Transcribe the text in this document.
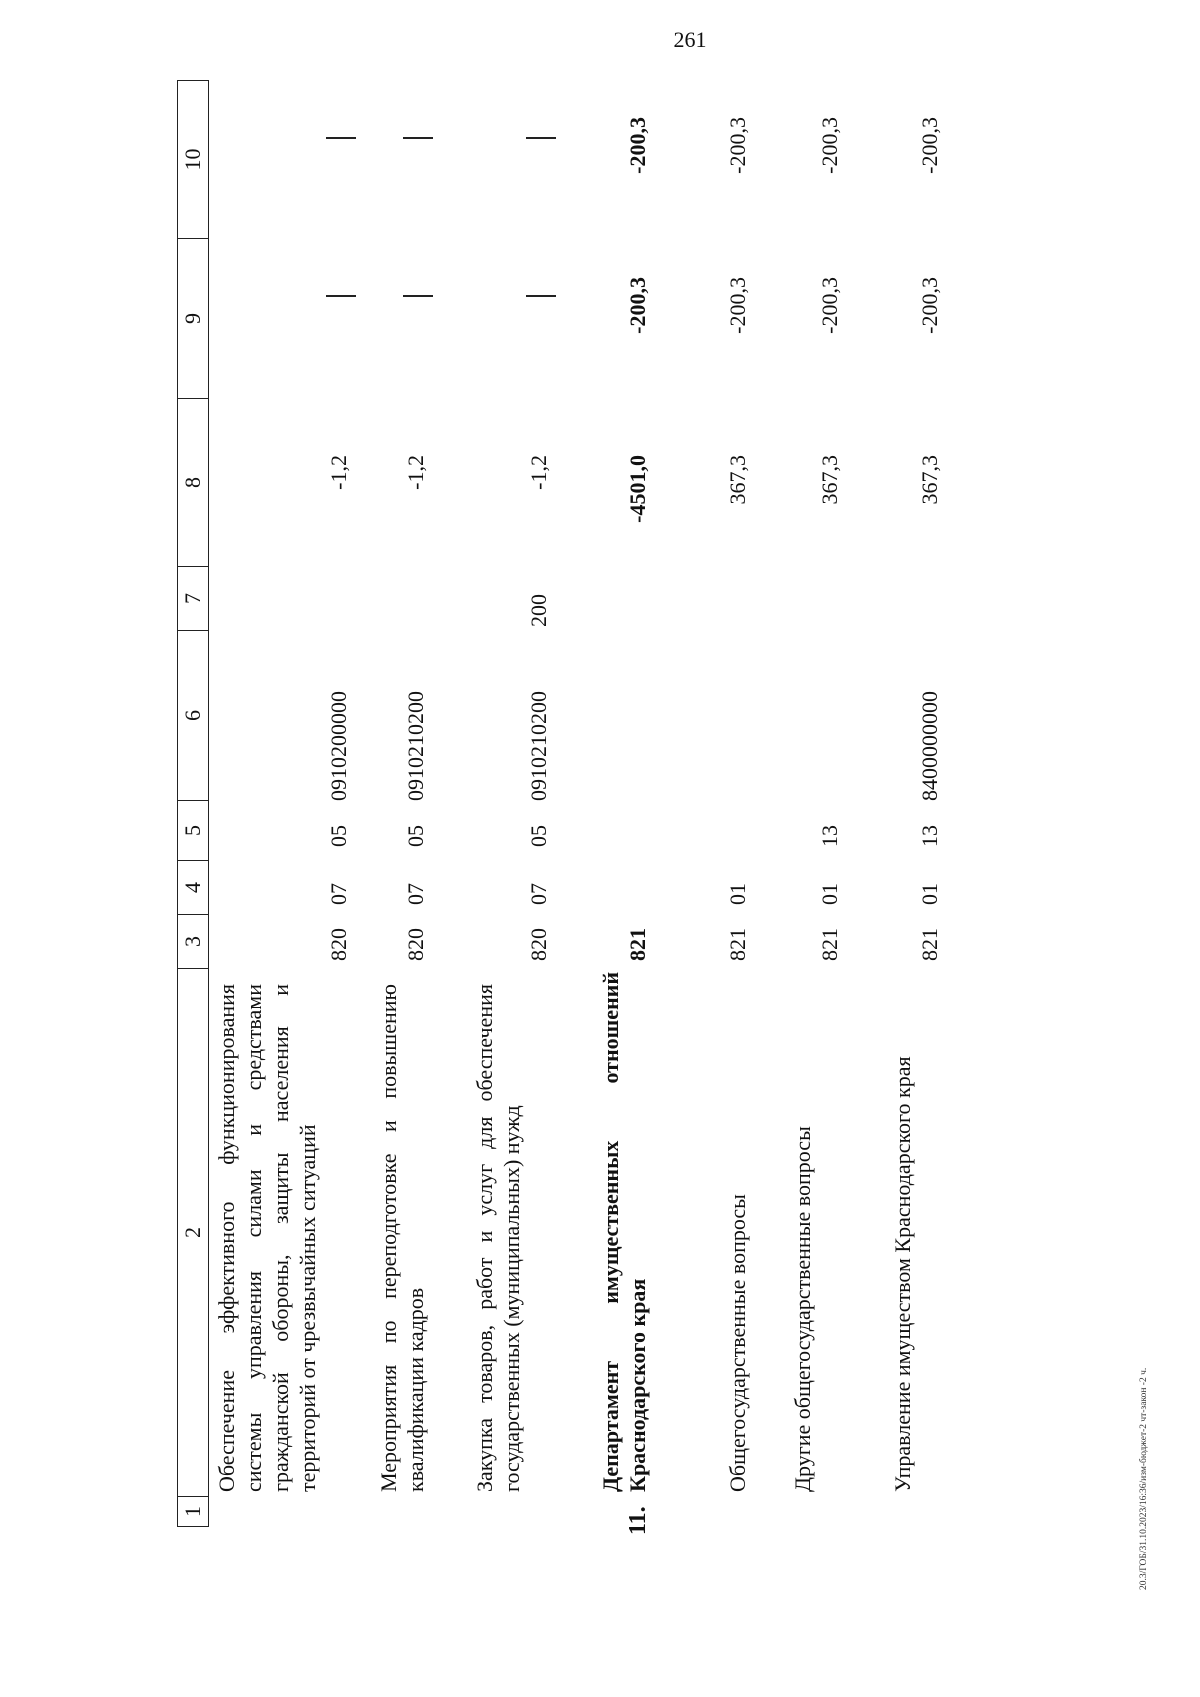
261
20.3/ГОБ/31.10.2023/16:36/изм-бюджет-2 чт-закон -2 ч.
1
2
3
4
5
6
7
8
9
10
Обеспечение эффективного функционирования системы управления силами и средствами гражданской обороны, защиты населения и территорий от чрезвычайных ситуаций
820
07
05
0910200000
-1,2
Мероприятия по переподготовке и повышению квалификации кадров
820
07
05
0910210200
-1,2
Закупка товаров, работ и услуг для обеспечения государственных (муниципальных) нужд
820
07
05
0910210200
200
-1,2
11.
Департамент имущественных отношений Краснодарского края
821
-4501,0
-200,3
-200,3
Общегосударственные вопросы
821
01
367,3
-200,3
-200,3
Другие общегосударственные вопросы
821
01
13
367,3
-200,3
-200,3
Управление имуществом Краснодарского края
821
01
13
8400000000
367,3
-200,3
-200,3
